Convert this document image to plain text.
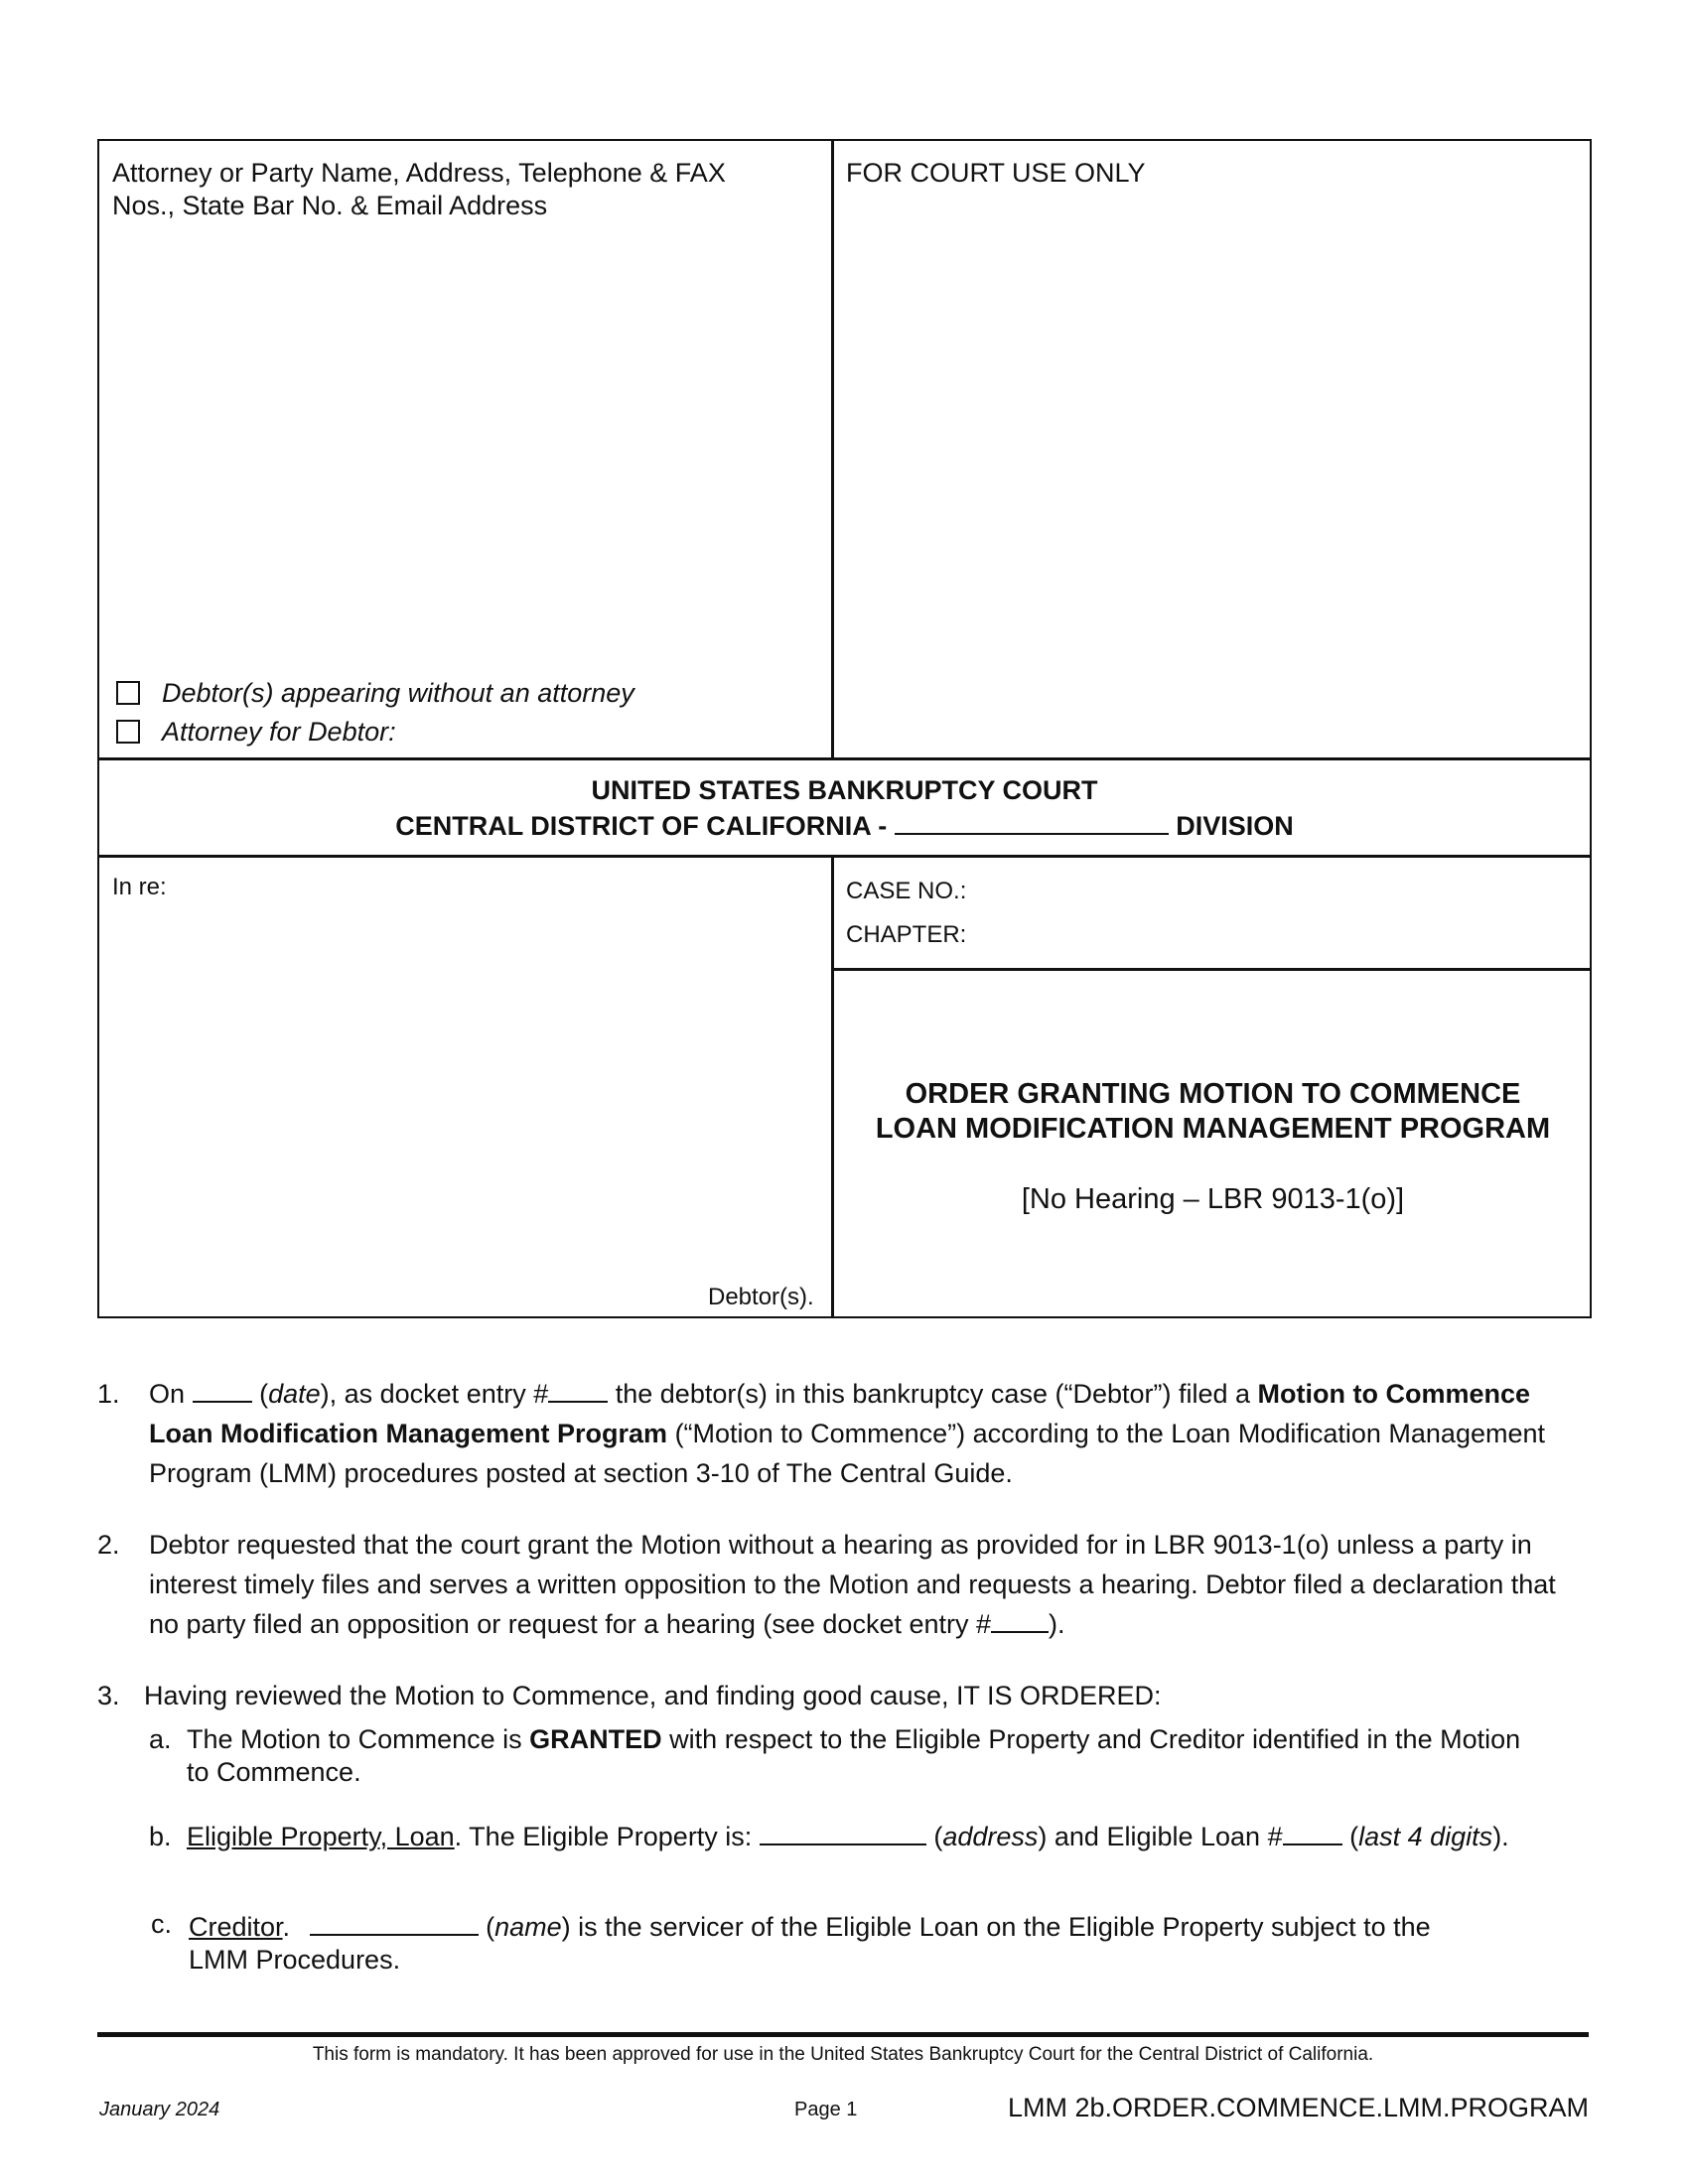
Attorney or Party Name, Address, Telephone & FAX
Nos., State Bar No. & Email Address
FOR COURT USE ONLY
Debtor(s) appearing without an attorney
Attorney for Debtor:
UNITED STATES BANKRUPTCY COURT
CENTRAL DISTRICT OF CALIFORNIA -	DIVISION
In re:
Debtor(s).
CASE NO.:
CHAPTER:
ORDER GRANTING MOTION TO COMMENCE
LOAN MODIFICATION MANAGEMENT PROGRAM
[No Hearing – LBR 9013-1(o)]
1. On	(date), as docket entry #	the debtor(s) in this bankruptcy case (“Debtor”) filed a Motion to Commence
Loan Modification Management Program (“Motion to Commence”) according to the Loan Modification Management
Program (LMM) procedures posted at section 3-10 of The Central Guide.
2. Debtor requested that the court grant the Motion without a hearing as provided for in LBR 9013-1(o) unless a party in
interest timely files and serves a written opposition to the Motion and requests a hearing. Debtor filed a declaration that
no party filed an opposition or request for a hearing (see docket entry # ).
3. Having reviewed the Motion to Commence, and finding good cause, IT IS ORDERED:
a. The Motion to Commence is GRANTED with respect to the Eligible Property and Creditor identified in the Motion
to Commence.
b. Eligible Property, Loan. The Eligible Property is:	(address) and Eligible Loan #	(last 4 digits).
c. Creditor.	(name) is the servicer of the Eligible Loan on the Eligible Property subject to the
LMM Procedures.
This form is mandatory. It has been approved for use in the United States Bankruptcy Court for the Central District of California.
January 2024	Page 1	LMM 2b.ORDER.COMMENCE.LMM.PROGRAM
